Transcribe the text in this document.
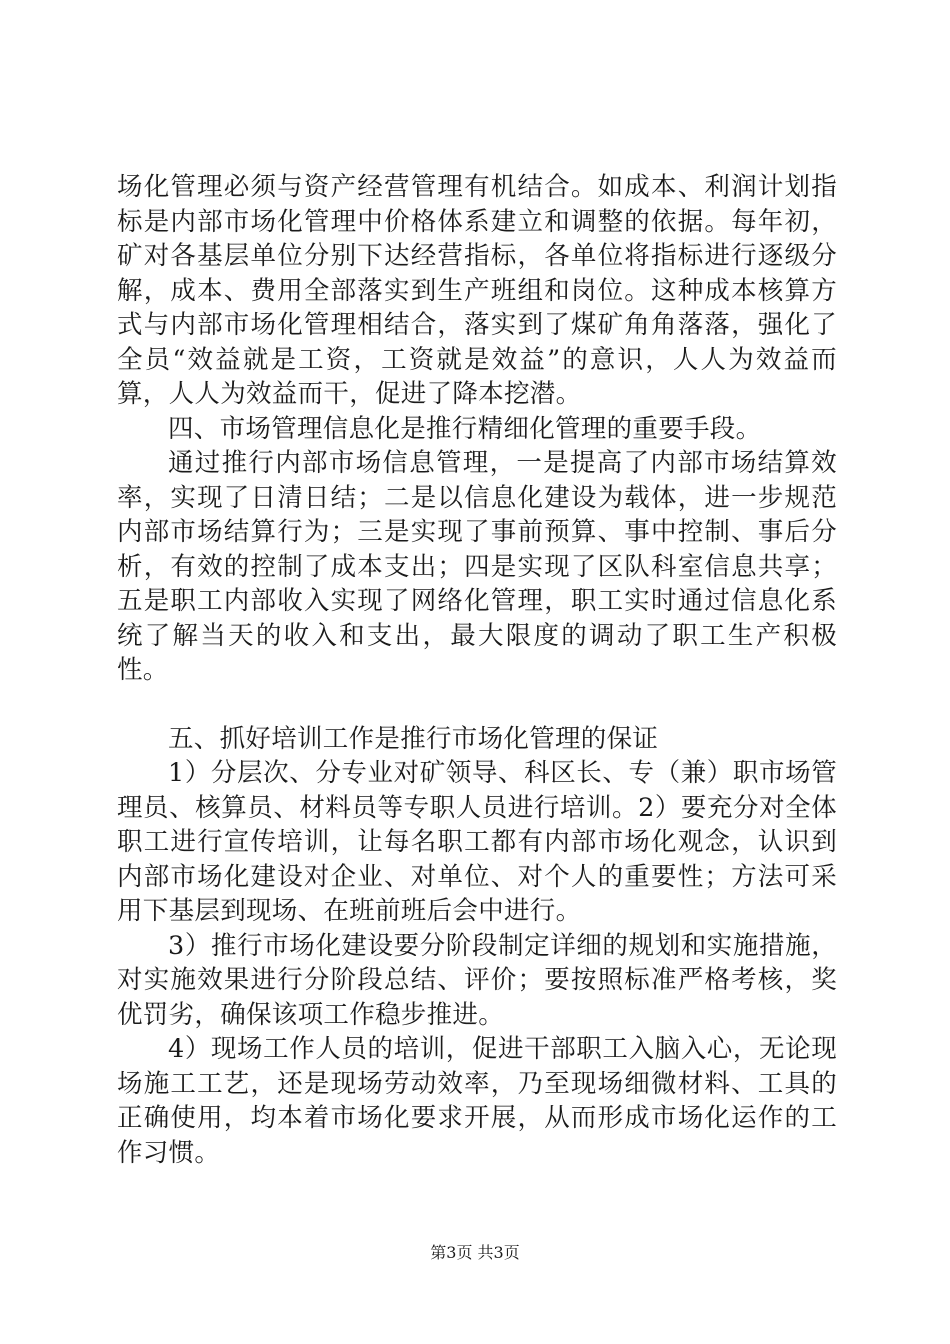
场化管理必须与资产经营管理有机结合。如成本、利润计划指标是内部市场化管理中价格体系建立和调整的依据。每年初，矿对各基层单位分别下达经营指标，各单位将指标进行逐级分解，成本、费用全部落实到生产班组和岗位。这种成本核算方式与内部市场化管理相结合，落实到了煤矿角角落落，强化了全员“效益就是工资，工资就是效益”的意识，人人为效益而算，人人为效益而干，促进了降本挖潜。

四、市场管理信息化是推行精细化管理的重要手段。

通过推行内部市场信息管理，一是提高了内部市场结算效率，实现了日清日结；二是以信息化建设为载体，进一步规范内部市场结算行为；三是实现了事前预算、事中控制、事后分析，有效的控制了成本支出；四是实现了区队科室信息共享；五是职工内部收入实现了网络化管理，职工实时通过信息化系统了解当天的收入和支出，最大限度的调动了职工生产积极性。

五、抓好培训工作是推行市场化管理的保证

1）分层次、分专业对矿领导、科区长、专（兼）职市场管理员、核算员、材料员等专职人员进行培训。2）要充分对全体职工进行宣传培训，让每名职工都有内部市场化观念，认识到内部市场化建设对企业、对单位、对个人的重要性；方法可采用下基层到现场、在班前班后会中进行。

3）推行市场化建设要分阶段制定详细的规划和实施措施，对实施效果进行分阶段总结、评价；要按照标准严格考核，奖优罚劣，确保该项工作稳步推进。

4）现场工作人员的培训，促进干部职工入脑入心，无论现场施工工艺，还是现场劳动效率，乃至现场细微材料、工具的正确使用，均本着市场化要求开展，从而形成市场化运作的工作习惯。

第3页 共3页
